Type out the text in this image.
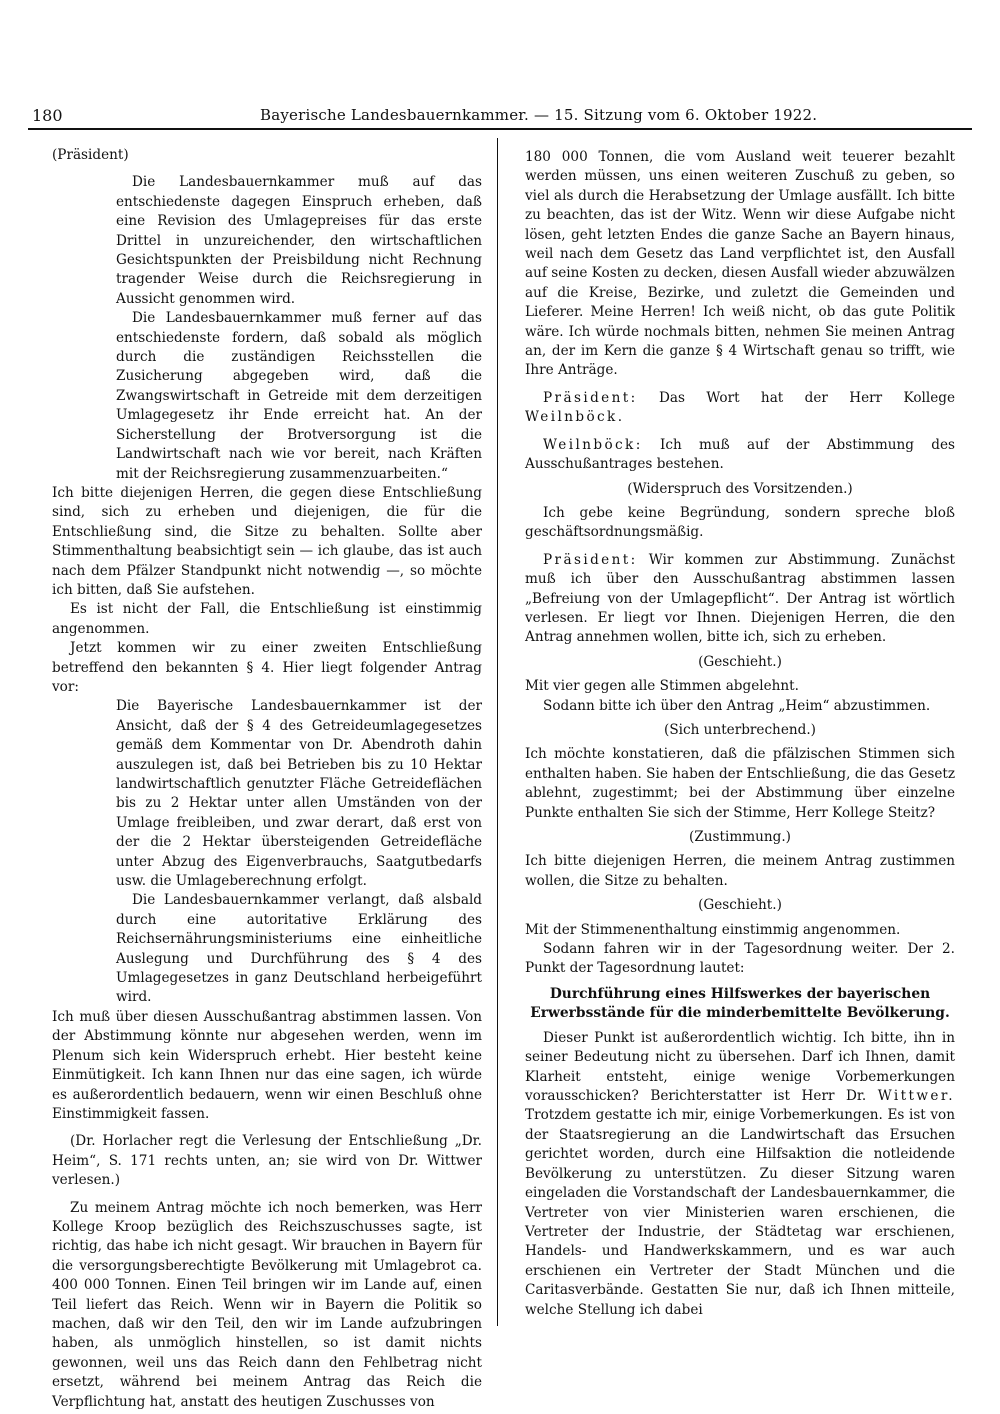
180	Bayerische Landesbauernkammer. — 15. Sitzung vom 6. Oktober 1922.

(Präsident)

Die Landesbauernkammer muß auf das entschiedenste dagegen Einspruch erheben, daß eine Revision des Umlagepreises für das erste Drittel in unzureichender, den wirtschaftlichen Gesichtspunkten der Preisbildung nicht Rechnung tragender Weise durch die Reichsregierung in Aussicht genommen wird.

Die Landesbauernkammer muß ferner auf das entschiedenste fordern, daß sobald als möglich durch die zuständigen Reichsstellen die Zusicherung abgegeben wird, daß die Zwangswirtschaft in Getreide mit dem derzeitigen Umlagegesetz ihr Ende erreicht hat. An der Sicherstellung der Brotversorgung ist die Landwirtschaft nach wie vor bereit, nach Kräften mit der Reichsregierung zusammenzuarbeiten.“

Ich bitte diejenigen Herren, die gegen diese Entschließung sind, sich zu erheben und diejenigen, die für die Entschließung sind, die Sitze zu behalten. Sollte aber Stimmenthaltung beabsichtigt sein — ich glaube, das ist auch nach dem Pfälzer Standpunkt nicht notwendig —, so möchte ich bitten, daß Sie aufstehen.

Es ist nicht der Fall, die Entschließung ist einstimmig angenommen.

Jetzt kommen wir zu einer zweiten Entschließung betreffend den bekannten § 4. Hier liegt folgender Antrag vor:

Die Bayerische Landesbauernkammer ist der Ansicht, daß der § 4 des Getreideumlagegesetzes gemäß dem Kommentar von Dr. Abendroth dahin auszulegen ist, daß bei Betrieben bis zu 10 Hektar landwirtschaftlich genutzter Fläche Getreideflächen bis zu 2 Hektar unter allen Umständen von der Umlage freibleiben, und zwar derart, daß erst von der die 2 Hektar übersteigenden Getreidefläche unter Abzug des Eigenverbrauchs, Saatgutbedarfs usw. die Umlageberechnung erfolgt.

Die Landesbauernkammer verlangt, daß alsbald durch eine autoritative Erklärung des Reichsernährungsministeriums eine einheitliche Auslegung und Durchführung des § 4 des Umlagegesetzes in ganz Deutschland herbeigeführt wird.

Ich muß über diesen Ausschußantrag abstimmen lassen. Von der Abstimmung könnte nur abgesehen werden, wenn im Plenum sich kein Widerspruch erhebt. Hier besteht keine Einmütigkeit. Ich kann Ihnen nur das eine sagen, ich würde es außerordentlich bedauern, wenn wir einen Beschluß ohne Einstimmigkeit fassen.

(Dr. Horlacher regt die Verlesung der Entschließung „Dr. Heim“, S. 171 rechts unten, an; sie wird von Dr. Wittwer verlesen.)

Zu meinem Antrag möchte ich noch bemerken, was Herr Kollege Kroop bezüglich des Reichszuschusses sagte, ist richtig, das habe ich nicht gesagt. Wir brauchen in Bayern für die versorgungsberechtigte Bevölkerung mit Umlagebrot ca. 400 000 Tonnen. Einen Teil bringen wir im Lande auf, einen Teil liefert das Reich. Wenn wir in Bayern die Politik so machen, daß wir den Teil, den wir im Lande aufzubringen haben, als unmöglich hinstellen, so ist damit nichts gewonnen, weil uns das Reich dann den Fehlbetrag nicht ersetzt, während bei meinem Antrag das Reich die Verpflichtung hat, anstatt des heutigen Zuschusses von

180 000 Tonnen, die vom Ausland weit teuerer bezahlt werden müssen, uns einen weiteren Zuschuß zu geben, so viel als durch die Herabsetzung der Umlage ausfällt. Ich bitte zu beachten, das ist der Witz. Wenn wir diese Aufgabe nicht lösen, geht letzten Endes die ganze Sache an Bayern hinaus, weil nach dem Gesetz das Land verpflichtet ist, den Ausfall auf seine Kosten zu decken, diesen Ausfall wieder abzuwälzen auf die Kreise, Bezirke, und zuletzt die Gemeinden und Lieferer. Meine Herren! Ich weiß nicht, ob das gute Politik wäre. Ich würde nochmals bitten, nehmen Sie meinen Antrag an, der im Kern die ganze § 4 Wirtschaft genau so trifft, wie Ihre Anträge.

Präsident: Das Wort hat der Herr Kollege Weilnböck.

Weilnböck: Ich muß auf der Abstimmung des Ausschußantrages bestehen.

(Widerspruch des Vorsitzenden.)

Ich gebe keine Begründung, sondern spreche bloß geschäftsordnungsmäßig.

Präsident: Wir kommen zur Abstimmung. Zunächst muß ich über den Ausschußantrag abstimmen lassen „Befreiung von der Umlagepflicht“. Der Antrag ist wörtlich verlesen. Er liegt vor Ihnen. Diejenigen Herren, die den Antrag annehmen wollen, bitte ich, sich zu erheben.

(Geschieht.)

Mit vier gegen alle Stimmen abgelehnt.

Sodann bitte ich über den Antrag „Heim“ abzustimmen.

(Sich unterbrechend.)

Ich möchte konstatieren, daß die pfälzischen Stimmen sich enthalten haben. Sie haben der Entschließung, die das Gesetz ablehnt, zugestimmt; bei der Abstimmung über einzelne Punkte enthalten Sie sich der Stimme, Herr Kollege Steitz?

(Zustimmung.)

Ich bitte diejenigen Herren, die meinem Antrag zustimmen wollen, die Sitze zu behalten.

(Geschieht.)

Mit der Stimmenenthaltung einstimmig angenommen.

Sodann fahren wir in der Tagesordnung weiter. Der 2. Punkt der Tagesordnung lautet:

Durchführung eines Hilfswerkes der bayerischen Erwerbsstände für die minderbemittelte Bevölkerung.

Dieser Punkt ist außerordentlich wichtig. Ich bitte, ihn in seiner Bedeutung nicht zu übersehen. Darf ich Ihnen, damit Klarheit entsteht, einige wenige Vorbemerkungen vorausschicken? Berichterstatter ist Herr Dr. Wittwer. Trotzdem gestatte ich mir, einige Vorbemerkungen. Es ist von der Staatsregierung an die Landwirtschaft das Ersuchen gerichtet worden, durch eine Hilfsaktion die notleidende Bevölkerung zu unterstützen. Zu dieser Sitzung waren eingeladen die Vorstandschaft der Landesbauernkammer, die Vertreter von vier Ministerien waren erschienen, die Vertreter der Industrie, der Städtetag war erschienen, Handels- und Handwerkskammern, und es war auch erschienen ein Vertreter der Stadt München und die Caritasverbände. Gestatten Sie nur, daß ich Ihnen mitteile, welche Stellung ich dabei
